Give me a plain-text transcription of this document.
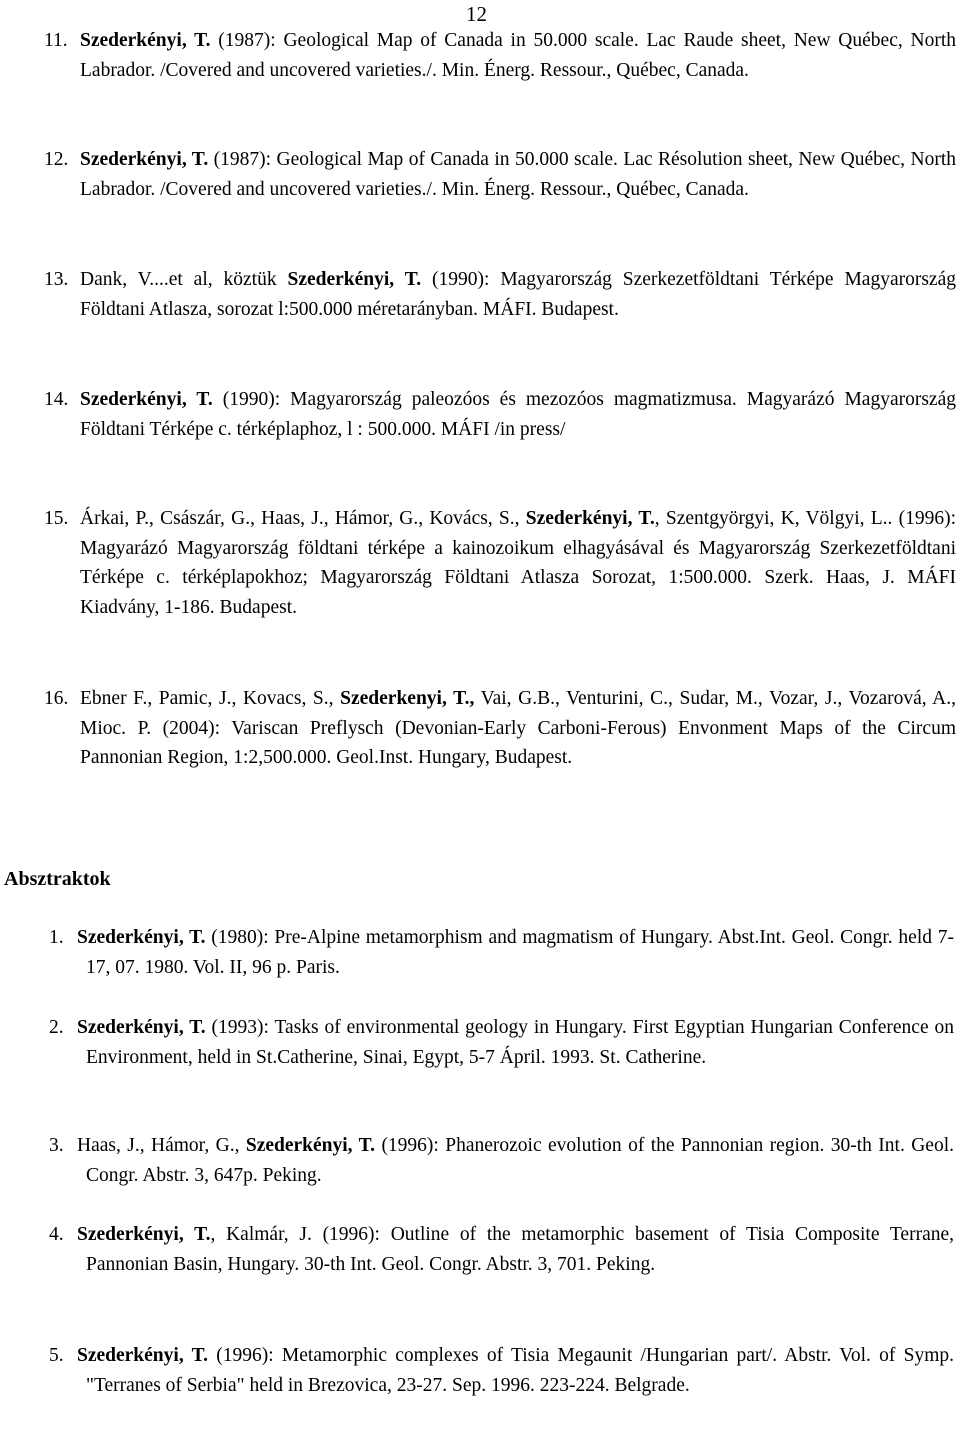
12
11. Szederkényi, T. (1987): Geological Map of Canada in 50.000 scale. Lac Raude sheet, New Québec, North Labrador. /Covered and uncovered varieties./. Min. Énerg. Ressour., Québec, Canada.
12. Szederkényi, T. (1987): Geological Map of Canada in 50.000 scale. Lac Résolution sheet, New Québec, North Labrador. /Covered and uncovered varieties./. Min. Énerg. Ressour., Québec, Canada.
13. Dank, V....et al, köztük Szederkényi, T. (1990): Magyarország Szerkezetföldtani Térképe Magyarország Földtani Atlasza, sorozat l:500.000 méretarányban. MÁFI. Budapest.
14. Szederkényi, T. (1990): Magyarország paleozóos és mezozóos magmatizmusa. Magyarázó Magyarország Földtani Térképe c. térképlaphoz, l : 500.000. MÁFI /in press/
15. Árkai, P., Császár, G., Haas, J., Hámor, G., Kovács, S., Szederkényi, T., Szentgyörgyi, K, Völgyi, L.. (1996): Magyarázó Magyarország földtani térképe a kainozoikum elhagyásával és Magyarország Szerkezetföldtani Térképe c. térképlapokhoz; Magyarország Földtani Atlasza Sorozat, 1:500.000. Szerk. Haas, J. MÁFI Kiadvány, 1-186. Budapest.
16. Ebner F., Pamic, J., Kovacs, S., Szederkenyi, T., Vai, G.B., Venturini, C., Sudar, M., Vozar, J., Vozarová, A., Mioc. P. (2004): Variscan Preflysch (Devonian-Early Carboni-Ferous) Envonment Maps of the Circum Pannonian Region, 1:2,500.000. Geol.Inst. Hungary, Budapest.
Absztraktok
1. Szederkényi, T. (1980): Pre-Alpine metamorphism and magmatism of Hungary. Abst.Int. Geol. Congr. held 7-17, 07. 1980. Vol. II, 96 p. Paris.
2. Szederkényi, T. (1993): Tasks of environmental geology in Hungary. First Egyptian Hungarian Conference on Environment, held in St.Catherine, Sinai, Egypt, 5-7 Ápril. 1993. St. Catherine.
3. Haas, J., Hámor, G., Szederkényi, T. (1996): Phanerozoic evolution of the Pannonian region. 30-th Int. Geol. Congr. Abstr. 3, 647p. Peking.
4. Szederkényi, T., Kalmár, J. (1996): Outline of the metamorphic basement of Tisia Composite Terrane, Pannonian Basin, Hungary. 30-th Int. Geol. Congr. Abstr. 3, 701. Peking.
5. Szederkényi, T. (1996): Metamorphic complexes of Tisia Megaunit /Hungarian part/. Abstr. Vol. of Symp. "Terranes of Serbia" held in Brezovica, 23-27. Sep. 1996. 223-224. Belgrade.
